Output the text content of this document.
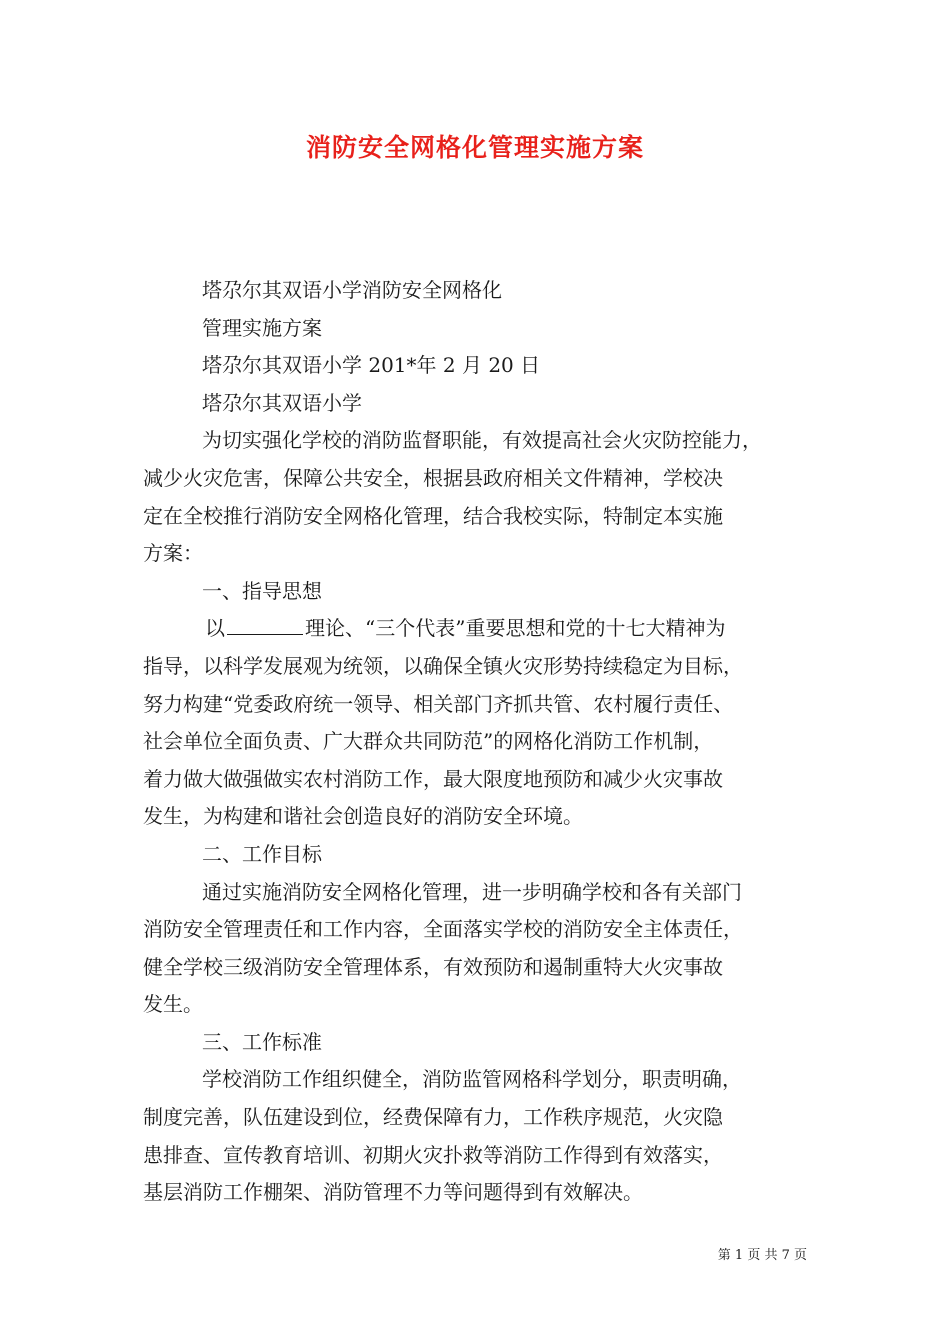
消防安全网格化管理实施方案
塔尕尔其双语小学消防安全网格化
管理实施方案
塔尕尔其双语小学 201*年 2 月 20 日
塔尕尔其双语小学
为切实强化学校的消防监督职能，有效提高社会火灾防控能力，
减少火灾危害，保障公共安全，根据县政府相关文件精神，学校决
定在全校推行消防安全网格化管理，结合我校实际，特制定本实施
方案：
一、指导思想
以	理论、“三个代表”重要思想和党的十七大精神为
指导，以科学发展观为统领，以确保全镇火灾形势持续稳定为目标，
努力构建“党委政府统一领导、相关部门齐抓共管、农村履行责任、
社会单位全面负责、广大群众共同防范”的网格化消防工作机制，
着力做大做强做实农村消防工作，最大限度地预防和减少火灾事故
发生，为构建和谐社会创造良好的消防安全环境。
二、工作目标
通过实施消防安全网格化管理，进一步明确学校和各有关部门
消防安全管理责任和工作内容，全面落实学校的消防安全主体责任，
健全学校三级消防安全管理体系，有效预防和遏制重特大火灾事故
发生。
三、工作标准
学校消防工作组织健全，消防监管网格科学划分，职责明确，
制度完善，队伍建设到位，经费保障有力，工作秩序规范，火灾隐
患排查、宣传教育培训、初期火灾扑救等消防工作得到有效落实，
基层消防工作棚架、消防管理不力等问题得到有效解决。
第 1 页 共 7 页
